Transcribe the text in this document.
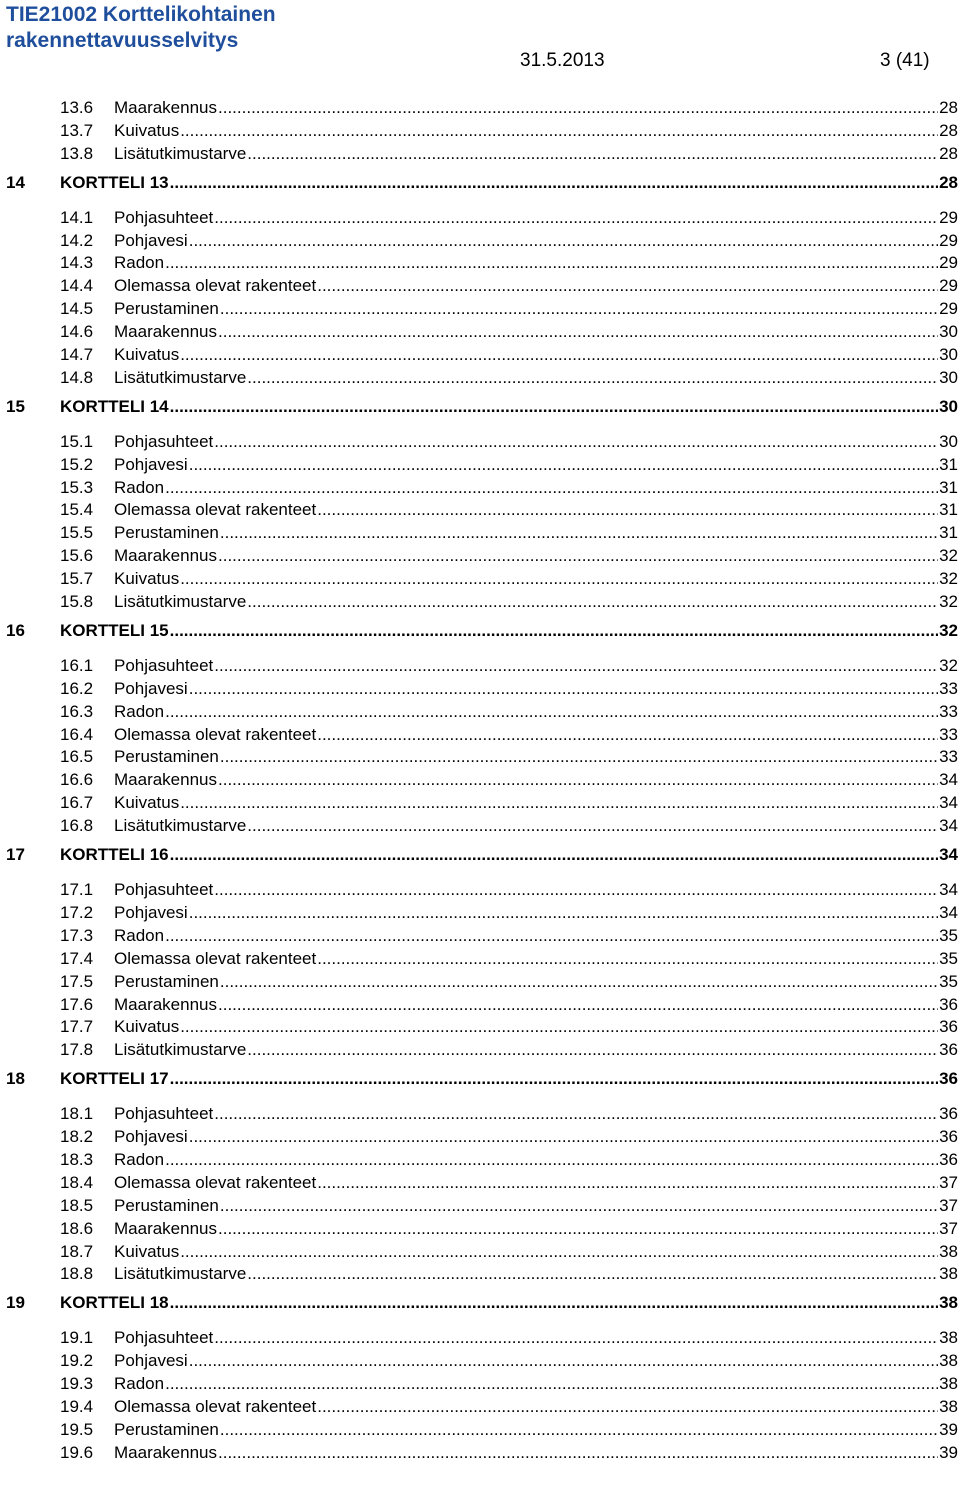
TIE21002 Korttelikohtainen
rakennettavuusselvitys
31.5.2013	3 (41)
13.6 Maarakennus .....	28
13.7 Kuivatus .....	28
13.8 Lisätutkimustarve .....	28
14 KORTTELI 13 .....	28
14.1 Pohjasuhteet .....	29
14.2 Pohjavesi .....	29
14.3 Radon .....	29
14.4 Olemassa olevat rakenteet .....	29
14.5 Perustaminen .....	29
14.6 Maarakennus .....	30
14.7 Kuivatus .....	30
14.8 Lisätutkimustarve .....	30
15 KORTTELI 14 .....	30
15.1 Pohjasuhteet .....	30
15.2 Pohjavesi .....	31
15.3 Radon .....	31
15.4 Olemassa olevat rakenteet .....	31
15.5 Perustaminen .....	31
15.6 Maarakennus .....	32
15.7 Kuivatus .....	32
15.8 Lisätutkimustarve .....	32
16 KORTTELI 15 .....	32
16.1 Pohjasuhteet .....	32
16.2 Pohjavesi .....	33
16.3 Radon .....	33
16.4 Olemassa olevat rakenteet .....	33
16.5 Perustaminen .....	33
16.6 Maarakennus .....	34
16.7 Kuivatus .....	34
16.8 Lisätutkimustarve .....	34
17 KORTTELI 16 .....	34
17.1 Pohjasuhteet .....	34
17.2 Pohjavesi .....	34
17.3 Radon .....	35
17.4 Olemassa olevat rakenteet .....	35
17.5 Perustaminen .....	35
17.6 Maarakennus .....	36
17.7 Kuivatus .....	36
17.8 Lisätutkimustarve .....	36
18 KORTTELI 17 .....	36
18.1 Pohjasuhteet .....	36
18.2 Pohjavesi .....	36
18.3 Radon .....	36
18.4 Olemassa olevat rakenteet .....	37
18.5 Perustaminen .....	37
18.6 Maarakennus .....	37
18.7 Kuivatus .....	38
18.8 Lisätutkimustarve .....	38
19 KORTTELI 18 .....	38
19.1 Pohjasuhteet .....	38
19.2 Pohjavesi .....	38
19.3 Radon .....	38
19.4 Olemassa olevat rakenteet .....	38
19.5 Perustaminen .....	39
19.6 Maarakennus .....	39
